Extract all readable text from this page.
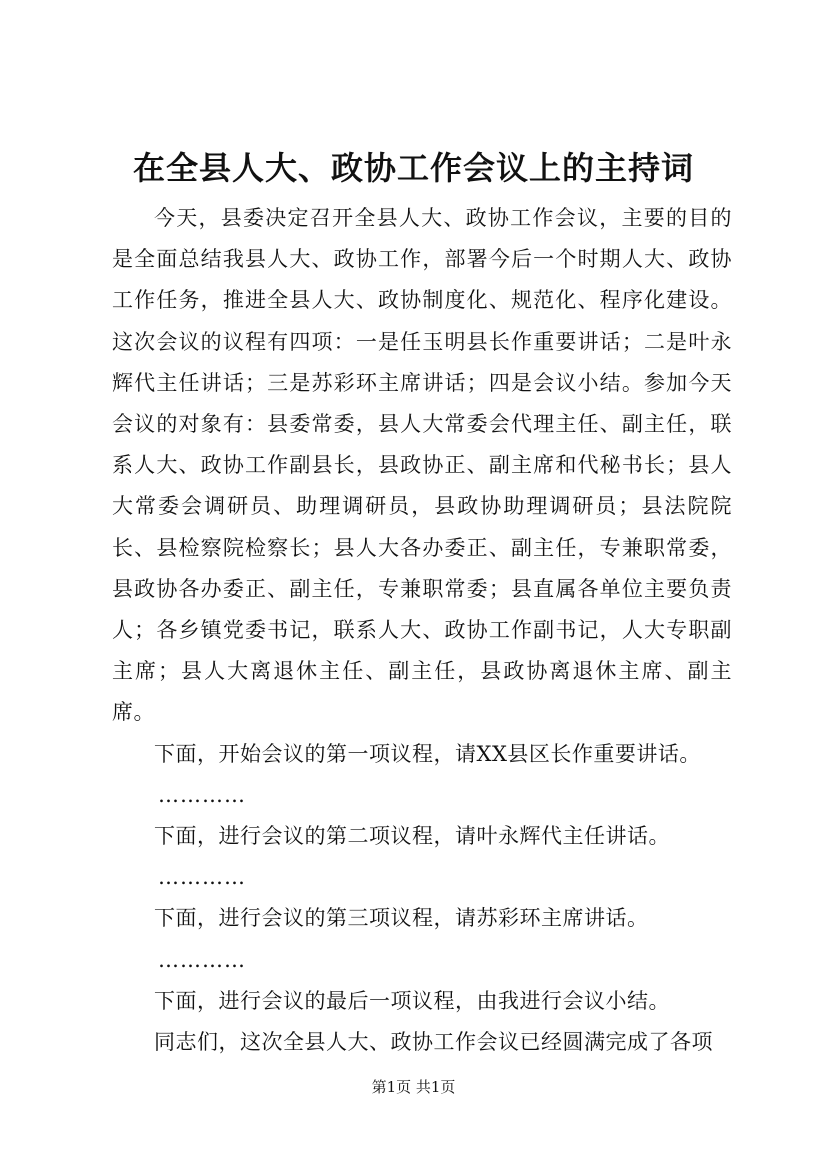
在全县人大、政协工作会议上的主持词

今天，县委决定召开全县人大、政协工作会议，主要的目的是全面总结我县人大、政协工作，部署今后一个时期人大、政协工作任务，推进全县人大、政协制度化、规范化、程序化建设。这次会议的议程有四项：一是任玉明县长作重要讲话；二是叶永辉代主任讲话；三是苏彩环主席讲话；四是会议小结。参加今天会议的对象有：县委常委，县人大常委会代理主任、副主任，联系人大、政协工作副县长，县政协正、副主席和代秘书长；县人大常委会调研员、助理调研员，县政协助理调研员；县法院院长、县检察院检察长；县人大各办委正、副主任，专兼职常委，县政协各办委正、副主任，专兼职常委；县直属各单位主要负责人；各乡镇党委书记，联系人大、政协工作副书记，人大专职副主席；县人大离退休主任、副主任，县政协离退休主席、副主席。

下面，开始会议的第一项议程，请XX县区长作重要讲话。

…………

下面，进行会议的第二项议程，请叶永辉代主任讲话。

…………

下面，进行会议的第三项议程，请苏彩环主席讲话。

…………

下面，进行会议的最后一项议程，由我进行会议小结。

同志们，这次全县人大、政协工作会议已经圆满完成了各项

第1页 共1页
